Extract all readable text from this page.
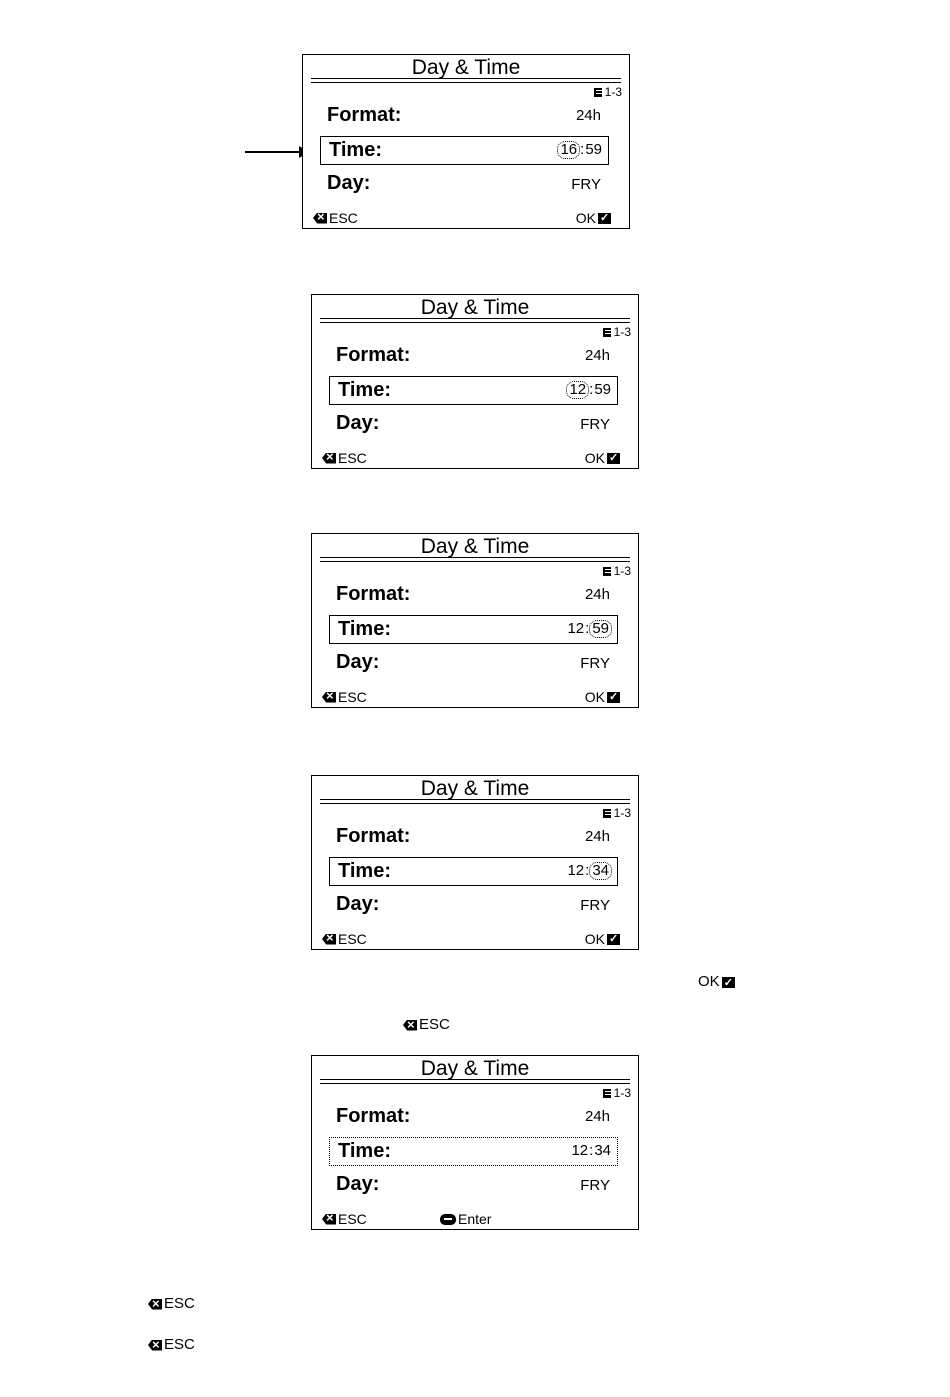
Day & Time
1-3
Format:	24h
Time:	16 : 59
Day:	FRY
×
ESC	OK
✓
Day & Time
1-3
Format:	24h
Time:	12 : 59
Day:	FRY
×
ESC	OK
✓
Day & Time
1-3
Format:	24h
Time:	12 : 59
Day:	FRY
×
ESC	OK
✓
Day & Time
1-3
Format:	24h
Time:	12 : 34
Day:	FRY
×
ESC	OK
✓
OK
✓
×
ESC
Day & Time
1-3
Format:	24h
Time:	12 : 34
Day:	FRY
×
ESC	Enter
×
ESC
×
ESC
